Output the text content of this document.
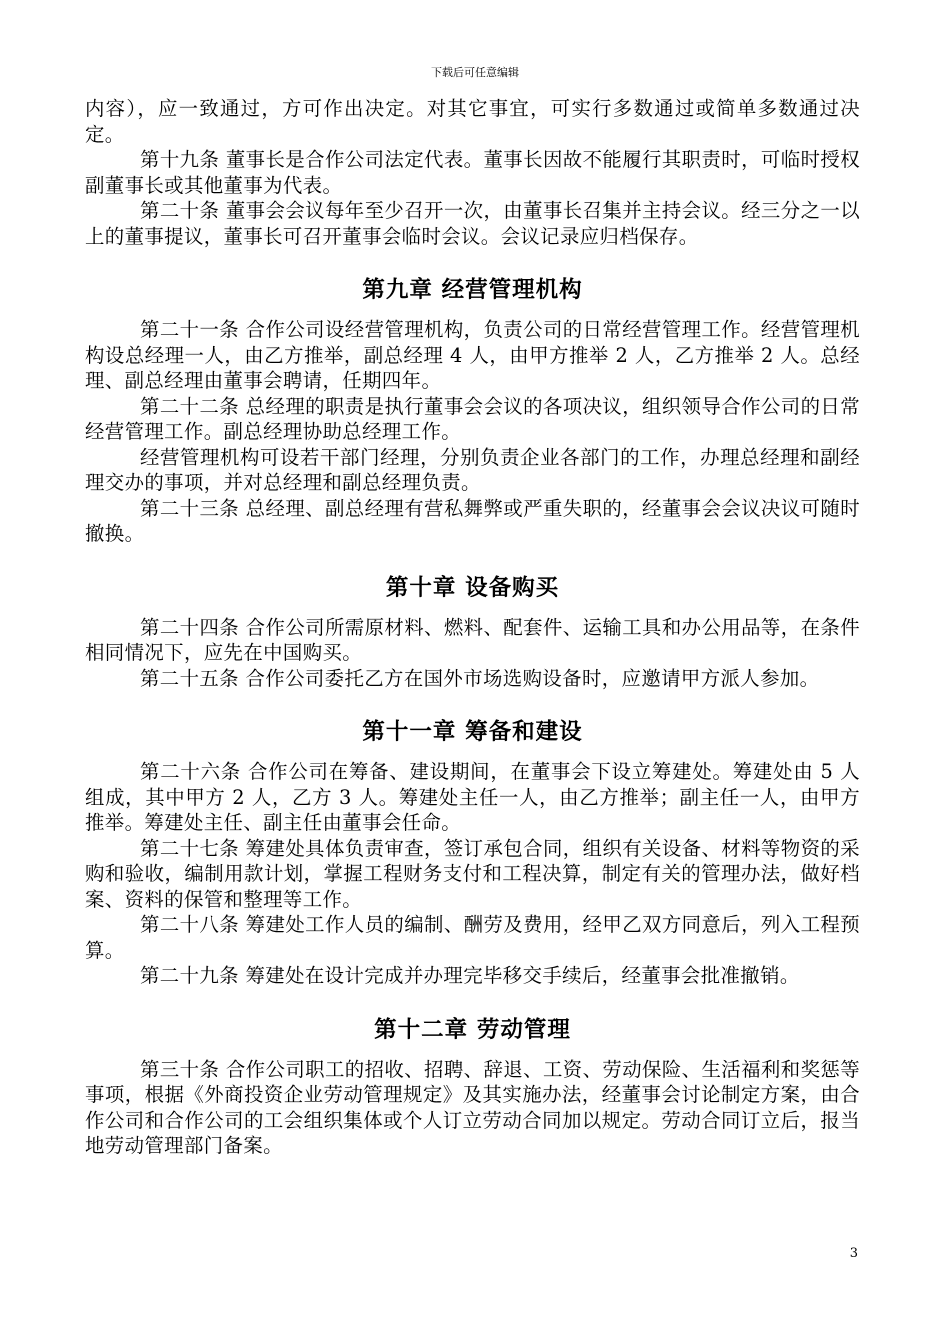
下载后可任意编辑

内容），应一致通过，方可作出决定。对其它事宜，可实行多数通过或简单多数通过决定。

第十九条 董事长是合作公司法定代表。董事长因故不能履行其职责时，可临时授权副董事长或其他董事为代表。

第二十条 董事会会议每年至少召开一次，由董事长召集并主持会议。经三分之一以上的董事提议，董事长可召开董事会临时会议。会议记录应归档保存。

第九章 经营管理机构

第二十一条 合作公司设经营管理机构，负责公司的日常经营管理工作。经营管理机构设总经理一人，由乙方推举，副总经理 4 人，由甲方推举 2 人，乙方推举 2 人。总经理、副总经理由董事会聘请，任期四年。

第二十二条 总经理的职责是执行董事会会议的各项决议，组织领导合作公司的日常经营管理工作。副总经理协助总经理工作。

经营管理机构可设若干部门经理，分别负责企业各部门的工作，办理总经理和副经理交办的事项，并对总经理和副总经理负责。

第二十三条 总经理、副总经理有营私舞弊或严重失职的，经董事会会议决议可随时撤换。

第十章 设备购买

第二十四条 合作公司所需原材料、燃料、配套件、运输工具和办公用品等，在条件相同情况下，应先在中国购买。

第二十五条 合作公司委托乙方在国外市场选购设备时，应邀请甲方派人参加。

第十一章 筹备和建设

第二十六条 合作公司在筹备、建设期间，在董事会下设立筹建处。筹建处由 5 人组成，其中甲方 2 人，乙方 3 人。筹建处主任一人，由乙方推举；副主任一人，由甲方推举。筹建处主任、副主任由董事会任命。

第二十七条 筹建处具体负责审查，签订承包合同，组织有关设备、材料等物资的采购和验收，编制用款计划，掌握工程财务支付和工程决算，制定有关的管理办法，做好档案、资料的保管和整理等工作。

第二十八条 筹建处工作人员的编制、酬劳及费用，经甲乙双方同意后，列入工程预算。

第二十九条 筹建处在设计完成并办理完毕移交手续后，经董事会批准撤销。

第十二章 劳动管理

第三十条 合作公司职工的招收、招聘、辞退、工资、劳动保险、生活福利和奖惩等事项，根据《外商投资企业劳动管理规定》及其实施办法，经董事会讨论制定方案，由合作公司和合作公司的工会组织集体或个人订立劳动合同加以规定。劳动合同订立后，报当地劳动管理部门备案。

3
